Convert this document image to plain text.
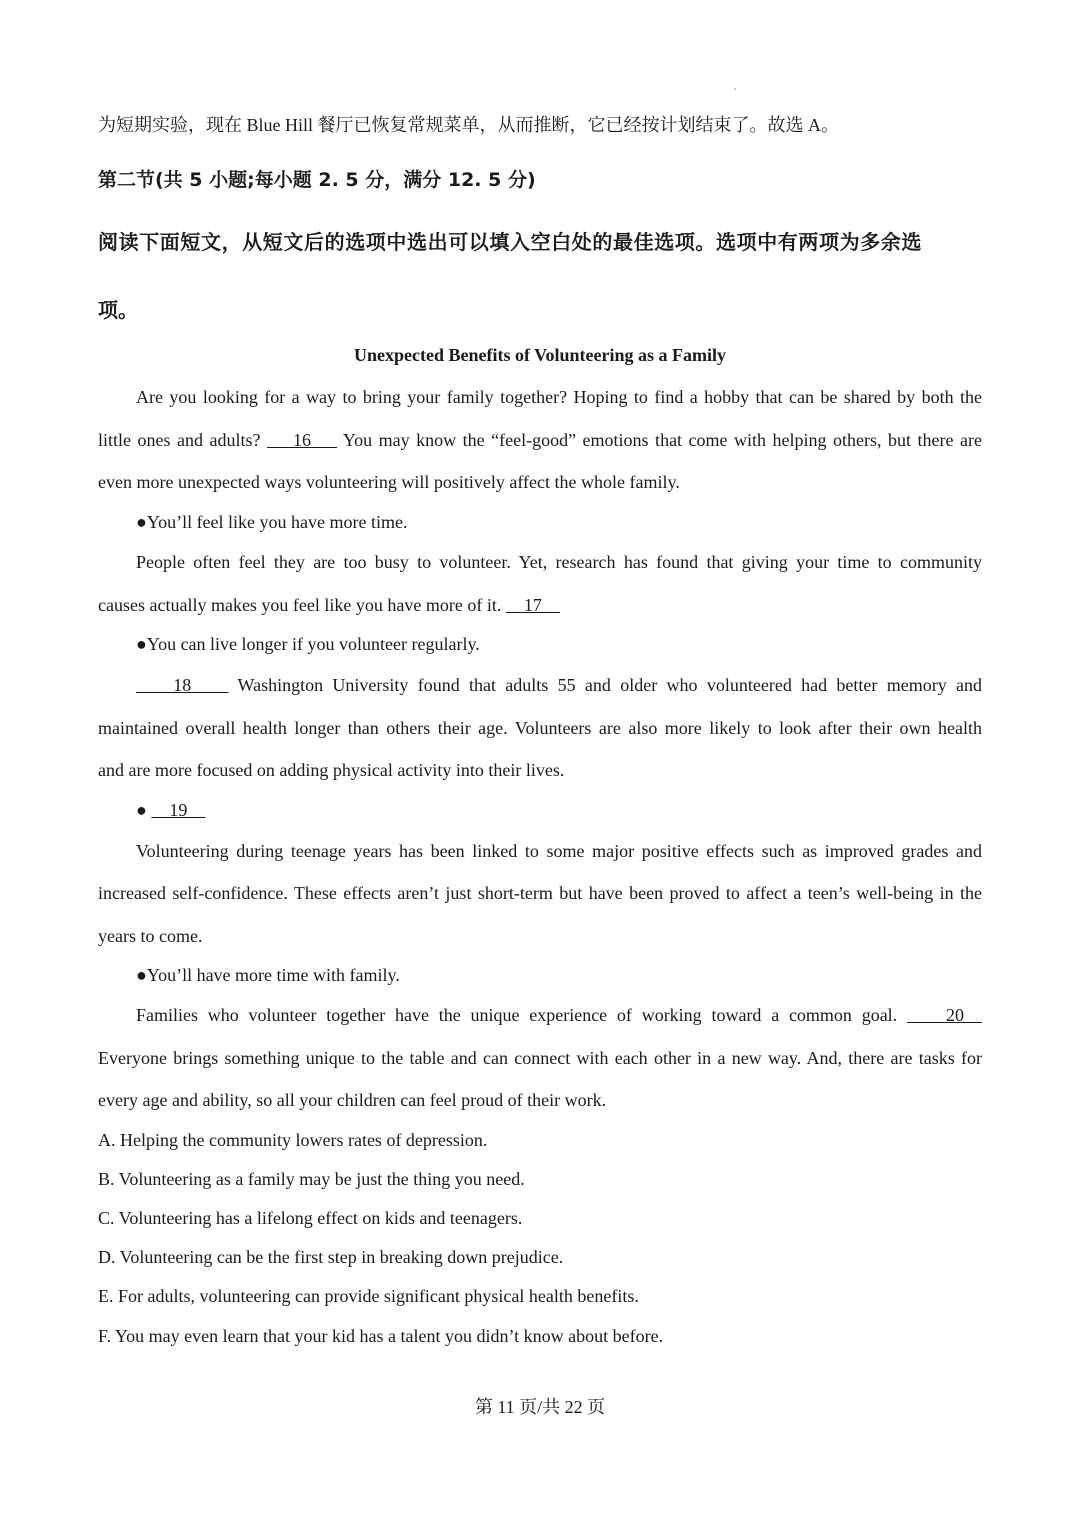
为短期实验，现在 Blue Hill 餐厅已恢复常规菜单，从而推断，它已经按计划结束了。故选 A。
第二节(共 5 小题;每小题 2. 5 分，满分 12. 5 分)
阅读下面短文，从短文后的选项中选出可以填入空白处的最佳选项。选项中有两项为多余选
项。
Unexpected Benefits of Volunteering as a Family
Are you looking for a way to bring your family together? Hoping to find a hobby that can be shared by both the
little ones and adults?     16     You may know the “feel-good” emotions that come with helping others, but there are
even more unexpected ways volunteering will positively affect the whole family.
●You’ll feel like you have more time.
People often feel they are too busy to volunteer. Yet, research has found that giving your time to community
causes actually makes you feel like you have more of it.     17
●You can live longer if you volunteer regularly.
18     Washington University found that adults 55 and older who volunteered had better memory and
maintained overall health longer than others their age. Volunteers are also more likely to look after their own health
and are more focused on adding physical activity into their lives.
●     19
Volunteering during teenage years has been linked to some major positive effects such as improved grades and
increased self-confidence. These effects aren’t just short-term but have been proved to affect a teen’s well-being in the
years to come.
●You’ll have more time with family.
Families who volunteer together have the unique experience of working toward a common goal.     20
Everyone brings something unique to the table and can connect with each other in a new way. And, there are tasks for
every age and ability, so all your children can feel proud of their work.
A. Helping the community lowers rates of depression.
B. Volunteering as a family may be just the thing you need.
C. Volunteering has a lifelong effect on kids and teenagers.
D. Volunteering can be the first step in breaking down prejudice.
E. For adults, volunteering can provide significant physical health benefits.
F. You may even learn that your kid has a talent you didn’t know about before.
第 11 页/共 22 页
